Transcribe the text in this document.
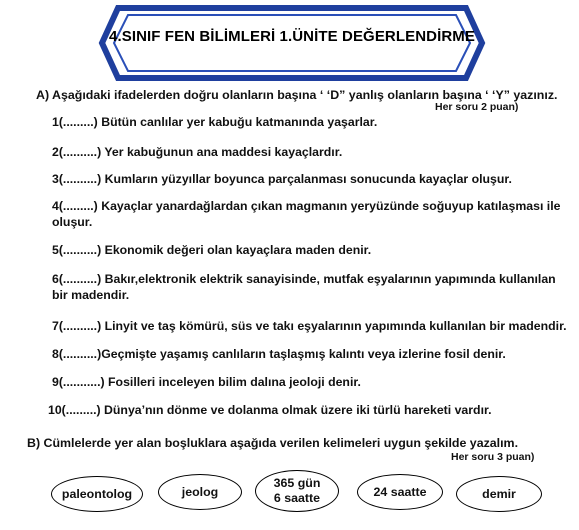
4.SINIF FEN BİLİMLERİ 1.ÜNİTE DEĞERLENDİRME
A) Aşağıdaki ifadelerden doğru olanların başına ‘ ‘D” yanlış olanların başına ‘ ‘Y” yazınız.
Her soru 2 puan)
1(.........) Bütün canlılar yer kabuğu katmanında yaşarlar.
2(..........) Yer kabuğunun ana maddesi kayaçlardır.
3(..........) Kumların yüzyıllar boyunca parçalanması sonucunda kayaçlar oluşur.
4(.........) Kayaçlar yanardağlardan çıkan magmanın yeryüzünde soğuyup katılaşması ile oluşur.
5(..........) Ekonomik değeri olan kayaçlara maden denir.
6(..........) Bakır,elektronik elektrik sanayisinde, mutfak eşyalarının yapımında kullanılan bir madendir.
7(..........) Linyit ve taş kömürü, süs ve takı eşyalarının yapımında kullanılan bir madendir.
8(..........)Geçmişte yaşamış canlıların taşlaşmış kalıntı veya izlerine fosil denir.
9(...........) Fosilleri inceleyen bilim dalına jeoloji denir.
10(.........) Dünya’nın dönme ve dolanma olmak üzere iki türlü hareketi vardır.
B) Cümlelerde yer alan boşluklara aşağıda verilen kelimeleri uygun şekilde yazalım.
Her soru 3 puan)
paleontolog	jeolog
365 gün
6 saatte	24 saatte	demir
